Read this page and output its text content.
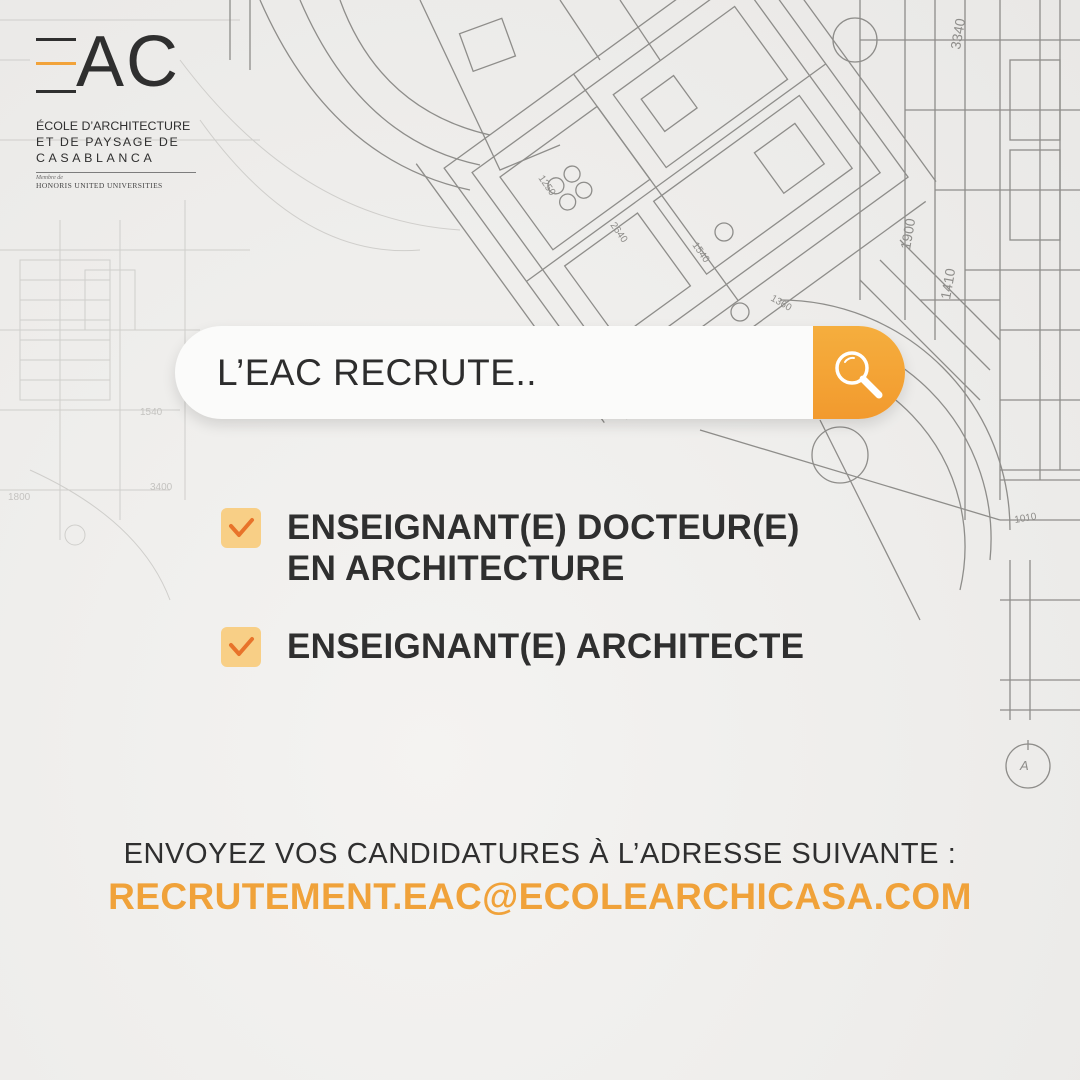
1010
A
1360
1540
2640
1250
1410
1900
3340
1540
3400
1800
AC
ÉCOLE D’ARCHITECTURE
ET DE PAYSAGE DE
CASABLANCA
Membre de
HONORIS UNITED UNIVERSITIES
L’EAC RECRUTE..
ENSEIGNANT(E) DOCTEUR(E)
EN ARCHITECTURE
ENSEIGNANT(E) ARCHITECTE
ENVOYEZ VOS CANDIDATURES À L’ADRESSE SUIVANTE :
RECRUTEMENT.EAC@ECOLEARCHICASA.COM
